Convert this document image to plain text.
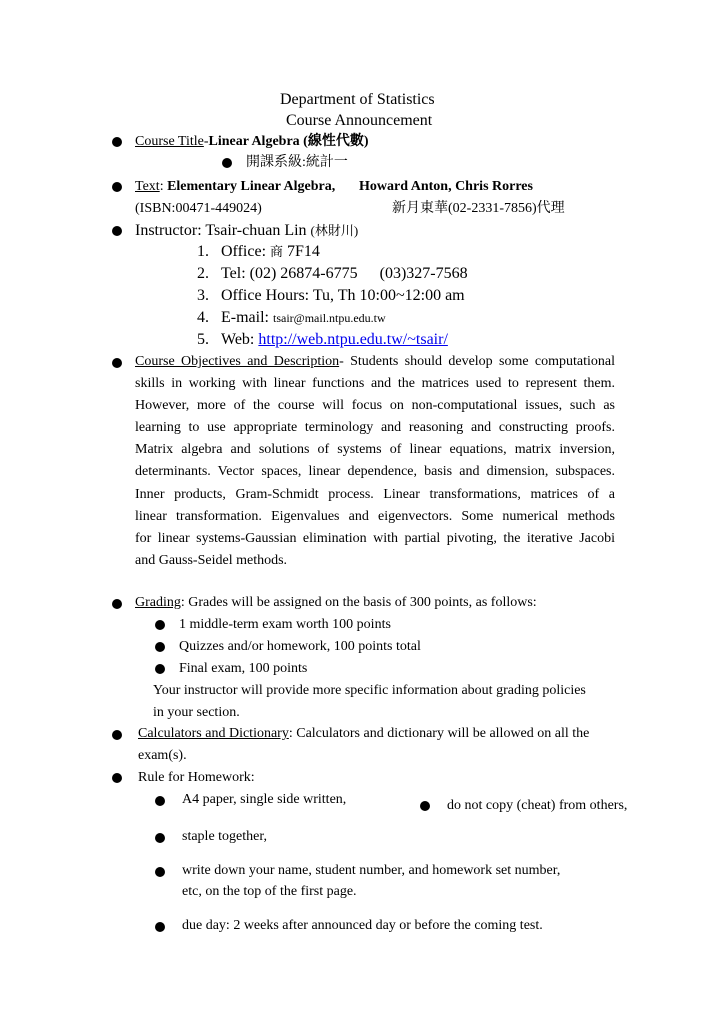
Department of Statistics
Course Announcement
Course Title-Linear Algebra (線性代數)
開課系級:統計一
Text: Elementary Linear Algebra, Howard Anton, Chris Rorres
(ISBN:00471-449024)	新月東華(02-2331-7856)代理
Instructor: Tsair-chuan Lin (林財川)
1. Office: 商 7F14
2. Tel: (02) 26874-6775 (03)327-7568
3. Office Hours: Tu, Th 10:00~12:00 am
4. E-mail: tsair@mail.ntpu.edu.tw
5. Web: http://web.ntpu.edu.tw/~tsair/
Course Objectives and Description- Students should develop some computational
skills in working with linear functions and the matrices used to represent them.
However, more of the course will focus on non-computational issues, such as
learning to use appropriate terminology and reasoning and constructing proofs.
Matrix algebra and solutions of systems of linear equations, matrix inversion,
determinants. Vector spaces, linear dependence, basis and dimension, subspaces.
Inner products, Gram-Schmidt process. Linear transformations, matrices of a
linear transformation. Eigenvalues and eigenvectors. Some numerical methods
for linear systems-Gaussian elimination with partial pivoting, the iterative Jacobi
and Gauss-Seidel methods.
Grading: Grades will be assigned on the basis of 300 points, as follows:
1 middle-term exam worth 100 points
Quizzes and/or homework, 100 points total
Final exam, 100 points
Your instructor will provide more specific information about grading policies
in your section.
Calculators and Dictionary: Calculators and dictionary will be allowed on all the
exam(s).
Rule for Homework:
A4 paper, single side written,	do not copy (cheat) from others,
staple together,
write down your name, student number, and homework set number,
etc, on the top of the first page.
due day: 2 weeks after announced day or before the coming test.
